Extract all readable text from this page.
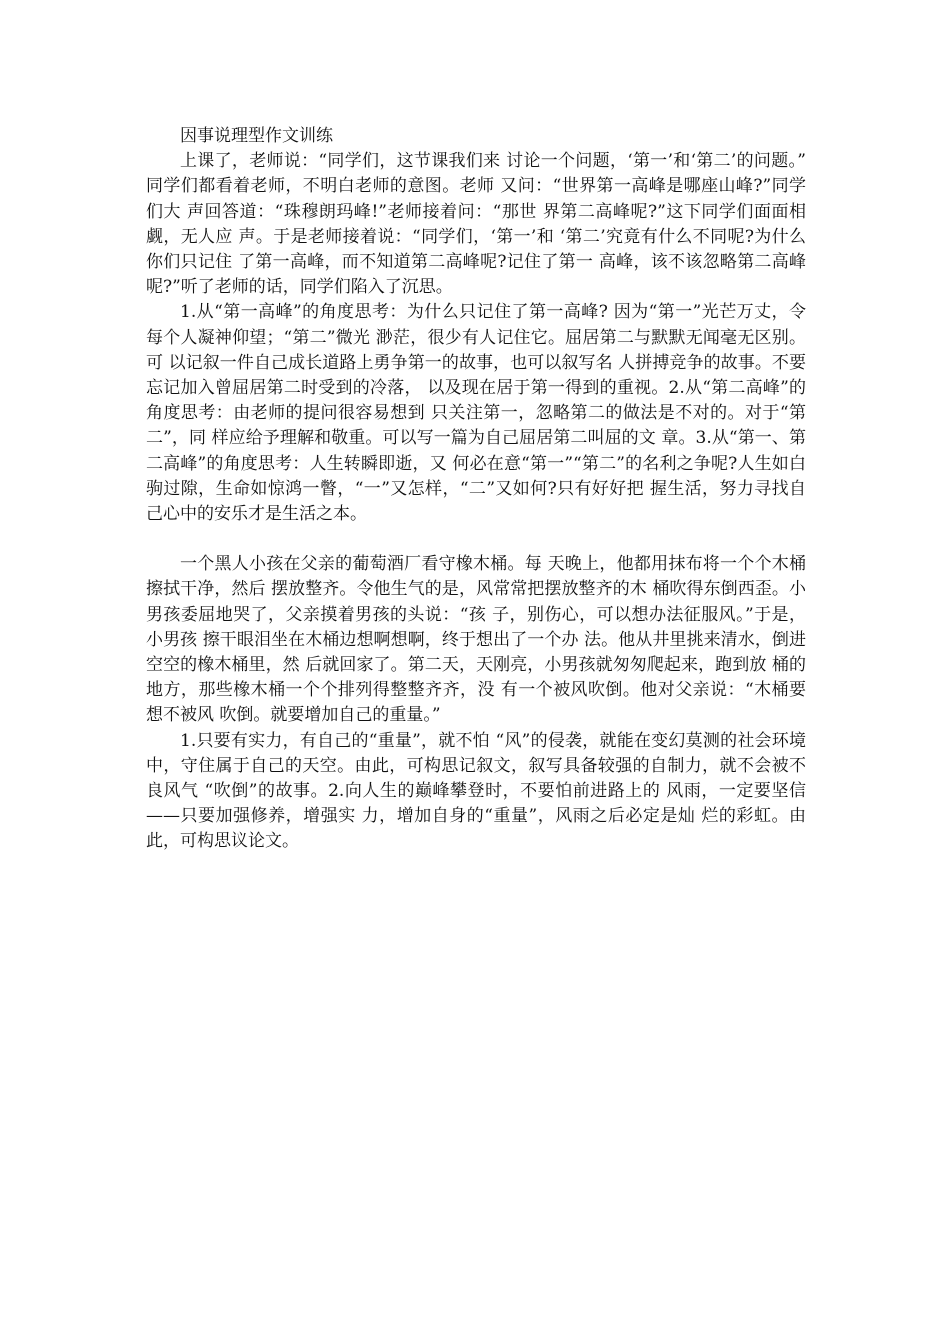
因事说理型作文训练

上课了，老师说：“同学们，这节课我们来 讨论一个问题，‘第一’和‘第二’的问题。” 同学们都看着老师，不明白老师的意图。老师 又问：“世界第一高峰是哪座山峰?”同学们大 声回答道：“珠穆朗玛峰!”老师接着问：“那世 界第二高峰呢?”这下同学们面面相觑，无人应 声。于是老师接着说：“同学们，‘第一’和 ‘第二’究竟有什么不同呢?为什么你们只记住 了第一高峰，而不知道第二高峰呢?记住了第一 高峰，该不该忽略第二高峰呢?”听了老师的话，同学们陷入了沉思。

1.从“第一高峰”的角度思考：为什么只记住了第一高峰? 因为“第一”光芒万丈，令每个人凝神仰望；“第二”微光 渺茫，很少有人记住它。屈居第二与默默无闻毫无区别。可 以记叙一件自己成长道路上勇争第一的故事，也可以叙写名 人拼搏竞争的故事。不要忘记加入曾屈居第二时受到的冷落， 以及现在居于第一得到的重视。2.从“第二高峰”的角度思考：由老师的提问很容易想到 只关注第一，忽略第二的做法是不对的。对于“第二”，同 样应给予理解和敬重。可以写一篇为自己屈居第二叫屈的文 章。3.从“第一、第二高峰”的角度思考：人生转瞬即逝，又 何必在意“第一”“第二”的名利之争呢?人生如白驹过隙，生命如惊鸿一瞥，“一”又怎样，“二”又如何?只有好好把 握生活，努力寻找自己心中的安乐才是生活之本。

一个黑人小孩在父亲的葡萄酒厂看守橡木桶。每 天晚上，他都用抹布将一个个木桶擦拭干净，然后 摆放整齐。令他生气的是，风常常把摆放整齐的木 桶吹得东倒西歪。小男孩委屈地哭了，父亲摸着男孩的头说：“孩 子，别伤心，可以想办法征服风。”于是，小男孩 擦干眼泪坐在木桶边想啊想啊，终于想出了一个办 法。他从井里挑来清水，倒进空空的橡木桶里，然 后就回家了。第二天，天刚亮，小男孩就匆匆爬起来，跑到放 桶的地方，那些橡木桶一个个排列得整整齐齐，没 有一个被风吹倒。他对父亲说：“木桶要想不被风 吹倒。就要增加自己的重量。”

1.只要有实力，有自己的“重量”，就不怕 “风”的侵袭，就能在变幻莫测的社会环境中，守住属于自己的天空。由此，可构思记叙文，叙写具备较强的自制力，就不会被不良风气 “吹倒”的故事。2.向人生的巅峰攀登时，不要怕前进路上的 风雨，一定要坚信——只要加强修养，增强实 力，增加自身的“重量”，风雨之后必定是灿 烂的彩虹。由此，可构思议论文。
